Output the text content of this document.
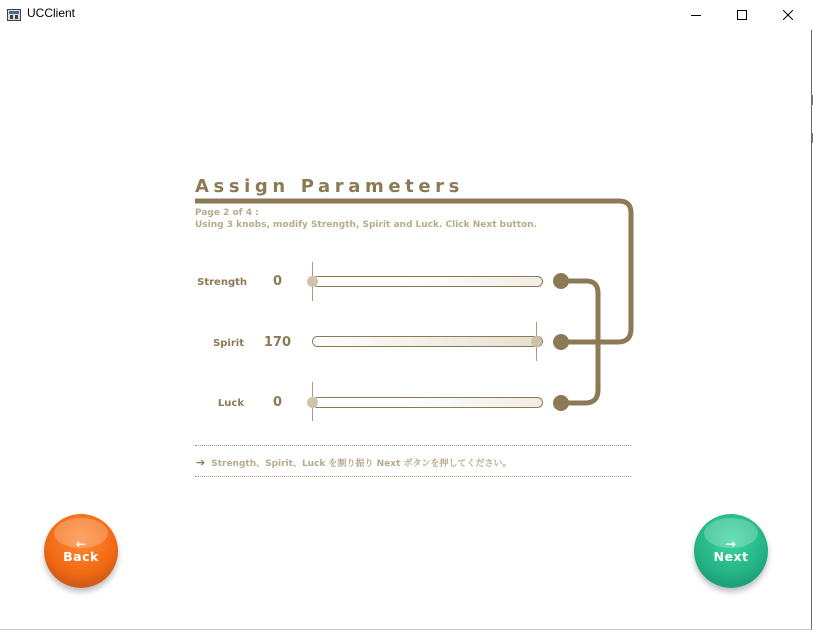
UCClient
Assign Parameters
Page 2 of 4 :
Using 3 knobs, modify Strength, Spirit and Luck. Click Next button.
Strength	0
Spirit	170
Luck	0
➔ Strength、Spirit、Luck を割り振り Next ボタンを押してください。
←
Back
→
Next
